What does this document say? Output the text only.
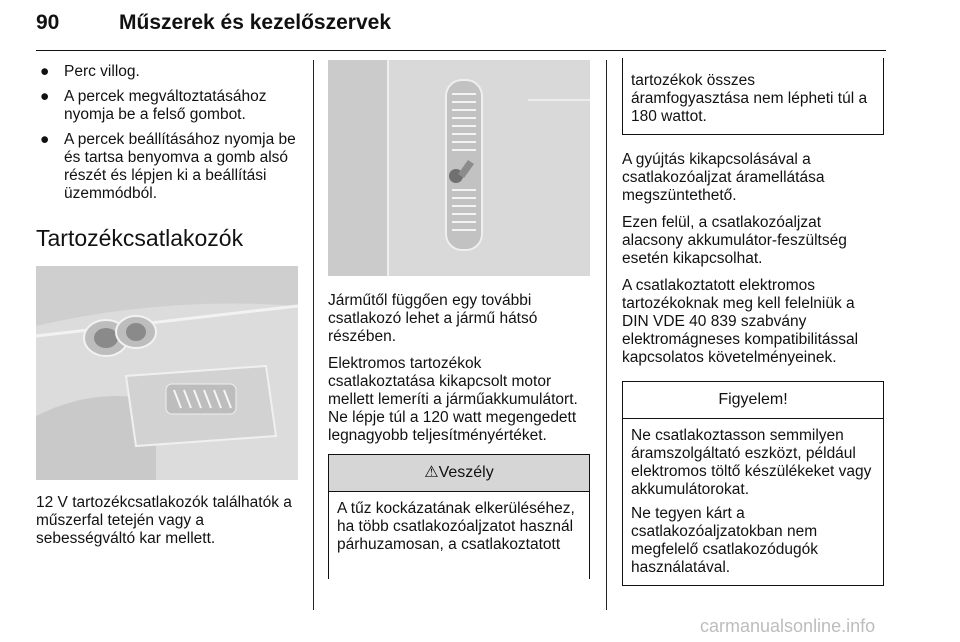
90	Műszerek és kezelőszervek
● Perc villog.
● A percek megváltoztatásához nyomja be a felső gombot.
● A percek beállításához nyomja be és tartsa benyomva a gomb alsó részét és lépjen ki a beállítási üzemmódból.
Tartozékcsatlakozók

12 V tartozékcsatlakozók találhatók a műszerfal tetején vagy a sebességváltó kar mellett.

Járműtől függően egy további csatlakozó lehet a jármű hátsó részében.

Elektromos tartozékok csatlakoztatása kikapcsolt motor mellett lemeríti a járműakkumulátort. Ne lépje túl a 120 watt megengedett legnagyobb teljesítményértéket.

⚠Veszély

A tűz kockázatának elkerüléséhez, ha több csatlakozóaljzatot használ párhuzamosan, a csatlakoztatott

tartozékok összes áramfogyasztása nem lépheti túl a 180 wattot.

A gyújtás kikapcsolásával a csatlakozóaljzat áramellátása megszüntethető.

Ezen felül, a csatlakozóaljzat alacsony akkumulátor-feszültség esetén kikapcsolhat.

A csatlakoztatott elektromos tartozékoknak meg kell felelniük a DIN VDE 40 839 szabvány elektromágneses kompatibilitással kapcsolatos követelményeinek.

Figyelem!

Ne csatlakoztasson semmilyen áramszolgáltató eszközt, például elektromos töltő készülékeket vagy akkumulátorokat.

Ne tegyen kárt a csatlakozóaljzatokban nem megfelelő csatlakozódugók használatával.

carmanualsonline.info
